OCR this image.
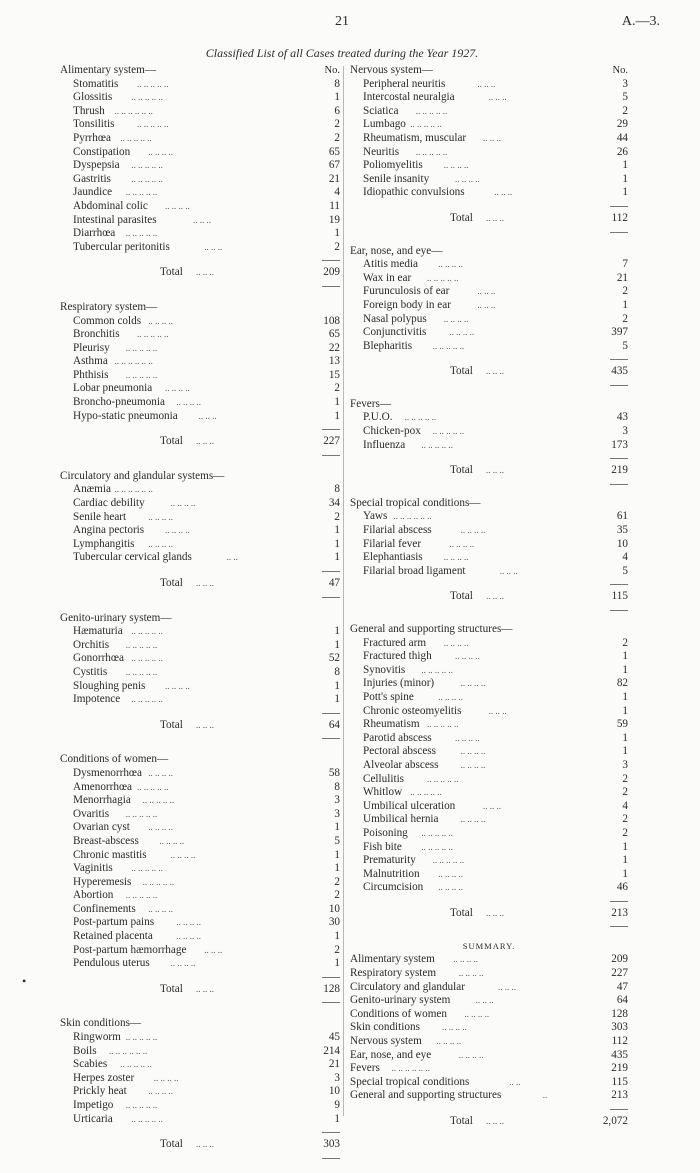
21	A.—3.
Classified List of all Cases treated during the Year 1927.
•
Alimentary system—	No.
Stomatitis .. .. .. .. ..	8
Glossitis .. .. .. .. ..	1
Thrush .. .. .. .. .. ..	6
Tonsilitis	.. .. .. .. ..	2
Pyrrhœa .. .. .. .. ..	2
Constipation .. .. .. ..	65
Dyspepsia .. .. .. .. ..	67
Gastritis .. .. .. .. ..	21
Jaundice .. .. .. .. ..	4
Abdominal colic .. .. .. ..	11
Intestinal parasites	.. .. ..	19
Diarrhœa .. .. .. .. ..	1
Tubercular peritonitis	.. .. ..	2
Total .. .. ..	209
Respiratory system—
Common colds .. .. .. ..	108
Bronchitis .. .. .. .. ..	65
Pleurisy .. .. .. .. ..	22
Asthma .. .. .. .. .. ..	13
Phthisis .. .. .. .. ..	15
Lobar pneumonia .. .. .. ..	2
Broncho-pneumonia .. .. .. ..	1
Hypo-static pneumonia .. .. ..	1
Total .. .. ..	227
Circulatory and glandular systems—
Anæmia .. .. .. .. .. ..	8
Cardiac debility	.. .. .. ..	34
Senile heart .. .. .. ..	2
Angina pectoris .. .. .. ..	1
Lymphangitis .. .. .. ..	1
Tubercular cervical glands	.. ..	1
Total .. .. ..	47
Genito-urinary system—
Hæmaturia .. .. .. .. ..	1
Orchitis .. .. .. .. ..	1
Gonorrhœa .. .. .. .. ..	52
Cystitis .. .. .. .. ..	8
Sloughing penis .. .. .. ..	1
Impotence .. .. .. .. ..	1
Total .. .. ..	64
Conditions of women—
Dysmenorrhœa .. .. .. ..	58
Amenorrhœa .. .. .. .. ..	8
Menorrhagia .. .. .. .. ..	3
Ovaritis .. .. .. .. ..	3
Ovarian cyst .. .. .. ..	1
Breast-abscess .. .. .. ..	5
Chronic mastitis	.. .. .. ..	1
Vaginitis .. .. .. .. ..	1
Hyperemesis .. .. .. .. ..	2
Abortion .. .. .. .. ..	2
Confinements .. .. .. ..	10
Post-partum pains .. .. .. ..	30
Retained placenta	.. .. .. ..	1
Post-partum hæmorrhage .. .. ..	2
Pendulous uterus .. .. .. ..	1
Total .. .. ..	128
Skin conditions—
Ringworm .. .. .. .. ..	45
Boils .. .. .. .. .. ..	214
Scabies .. .. .. .. ..	21
Herpes zoster .. .. .. ..	3
Prickly heat .. .. .. ..	10
Impetigo .. .. .. .. ..	9
Urticaria .. .. .. .. ..	1
Total .. .. ..	303
Nervous system—	No.
Peripheral neuritis	.. .. ..	3
Intercostal neuralgia	.. .. ..	5
Sciatica .. .. .. .. ..	2
Lumbago .. .. .. .. ..	29
Rheumatism, muscular .. .. ..	44
Neuritis .. .. .. .. ..	26
Poliomyelitis .. .. .. ..	1
Senile insanity	.. .. .. ..	1
Idiopathic convulsions	.. .. ..	1
Total .. .. ..	112
Ear, nose, and eye—
Atitis media .. .. .. ..	7
Wax in ear .. .. .. .. ..	21
Furunculosis of ear	.. .. ..	2
Foreign body in ear	.. .. ..	1
Nasal polypus .. .. .. ..	2
Conjunctivitis	.. .. .. ..	397
Blepharitis .. .. .. .. ..	5
Total .. .. ..	435
Fevers—
P.U.O. .. .. .. .. ..	43
Chicken-pox .. .. .. .. ..	3
Influenza .. .. .. .. ..	173
Total .. .. ..	219
Special tropical conditions—
Yaws .. .. .. .. .. ..	61
Filarial abscess	.. .. .. ..	35
Filarial fever	.. .. .. ..	10
Elephantiasis .. .. .. ..	4
Filarial broad ligament	.. .. ..	5
Total .. .. ..	115
General and supporting structures—
Fractured arm .. .. .. ..	2
Fractured thigh	.. .. .. ..	1
Synovitis .. .. .. .. ..	1
Injuries (minor)	.. .. .. ..	82
Pott's spine	.. .. .. ..	1
Chronic osteomyelitis	.. .. ..	1
Rheumatism .. .. .. .. ..	59
Parotid abscess	.. .. .. ..	1
Pectoral abscess	.. .. .. ..	1
Alveolar abscess .. .. .. ..	3
Cellulitis	.. .. .. .. ..	2
Whitlow .. .. .. .. ..	2
Umbilical ulceration	.. .. ..	4
Umbilical hernia .. .. .. ..	2
Poisoning .. .. .. .. ..	2
Fish bite .. .. .. .. ..	1
Prematurity .. .. .. .. ..	1
Malnutrition .. .. .. ..	1
Circumcision .. .. .. ..	46
Total .. .. ..	213
SUMMARY.
Alimentary system .. .. .. ..	209
Respiratory system	.. .. .. ..	227
Circulatory and glandular	.. .. ..	47
Genito-urinary system	.. .. ..	64
Conditions of women .. .. .. ..	128
Skin conditions .. .. .. ..	303
Nervous system .. .. .. ..	112
Ear, nose, and eye	.. .. .. ..	435
Fevers .. .. .. .. .. ..	219
Special tropical conditions	.. ..	115
General and supporting structures	..	213
Total .. .. ..	2,072
